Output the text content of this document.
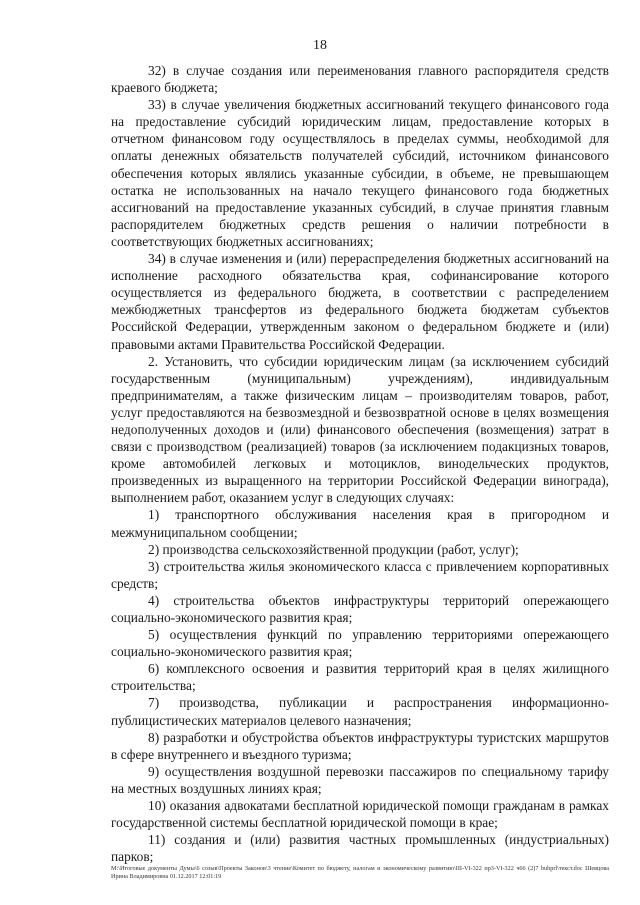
18

32) в случае создания или переименования главного распорядителя средств краевого бюджета;

33) в случае увеличения бюджетных ассигнований текущего финансового года на предоставление субсидий юридическим лицам, предоставление которых в отчетном финансовом году осуществлялось в пределах суммы, необходимой для оплаты денежных обязательств получателей субсидий, источником финансового обеспечения которых являлись указанные субсидии, в объеме, не превышающем остатка не использованных на начало текущего финансового года бюджетных ассигнований на предоставление указанных субсидий, в случае принятия главным распорядителем бюджетных средств решения о наличии потребности в соответствующих бюджетных ассигнованиях;

34) в случае изменения и (или) перераспределения бюджетных ассигнований на исполнение расходного обязательства края, софинансирование которого осуществляется из федерального бюджета, в соответствии с распределением межбюджетных трансфертов из федерального бюджета бюджетам субъектов Российской Федерации, утвержденным законом о федеральном бюджете и (или) правовыми актами Правительства Российской Федерации.

2. Установить, что субсидии юридическим лицам (за исключением субсидий государственным (муниципальным) учреждениям), индивидуальным предпринимателям, а также физическим лицам – производителям товаров, работ, услуг предоставляются на безвозмездной и безвозвратной основе в целях возмещения недополученных доходов и (или) финансового обеспечения (возмещения) затрат в связи с производством (реализацией) товаров (за исключением подакцизных товаров, кроме автомобилей легковых и мотоциклов, винодельческих продуктов, произведенных из выращенного на территории Российской Федерации винограда), выполнением работ, оказанием услуг в следующих случаях:

1) транспортного обслуживания населения края в пригородном и межмуниципальном сообщении;

2) производства сельскохозяйственной продукции (работ, услуг);

3) строительства жилья экономического класса с привлечением корпоративных средств;

4) строительства объектов инфраструктуры территорий опережающего социально-экономического развития края;

5) осуществления функций по управлению территориями опережающего социально-экономического развития края;

6) комплексного освоения и развития территорий края в целях жилищного строительства;

7) производства, публикации и распространения информационно-публицистических материалов целевого назначения;

8) разработки и обустройства объектов инфраструктуры туристских маршрутов в сфере внутреннего и въездного туризма;

9) осуществления воздушной перевозки пассажиров по специальному тарифу на местных воздушных линиях края;

10) оказания адвокатами бесплатной юридической помощи гражданам в рамках государственной системы бесплатной юридической помощи в крае;

11) создания и (или) развития частных промышленных (индустриальных) парков;

M:\Итоговые документы Думы\6 созыв\Проекты Законов\3 чтение\Комитет по бюджету, налогам и экономическому развитию\III-VI-322 пр3-VI-322 ч66 (2)7 buhprl\текст.doc Шевцова Ирина Владимировна 01.12.2017 12:01:19
